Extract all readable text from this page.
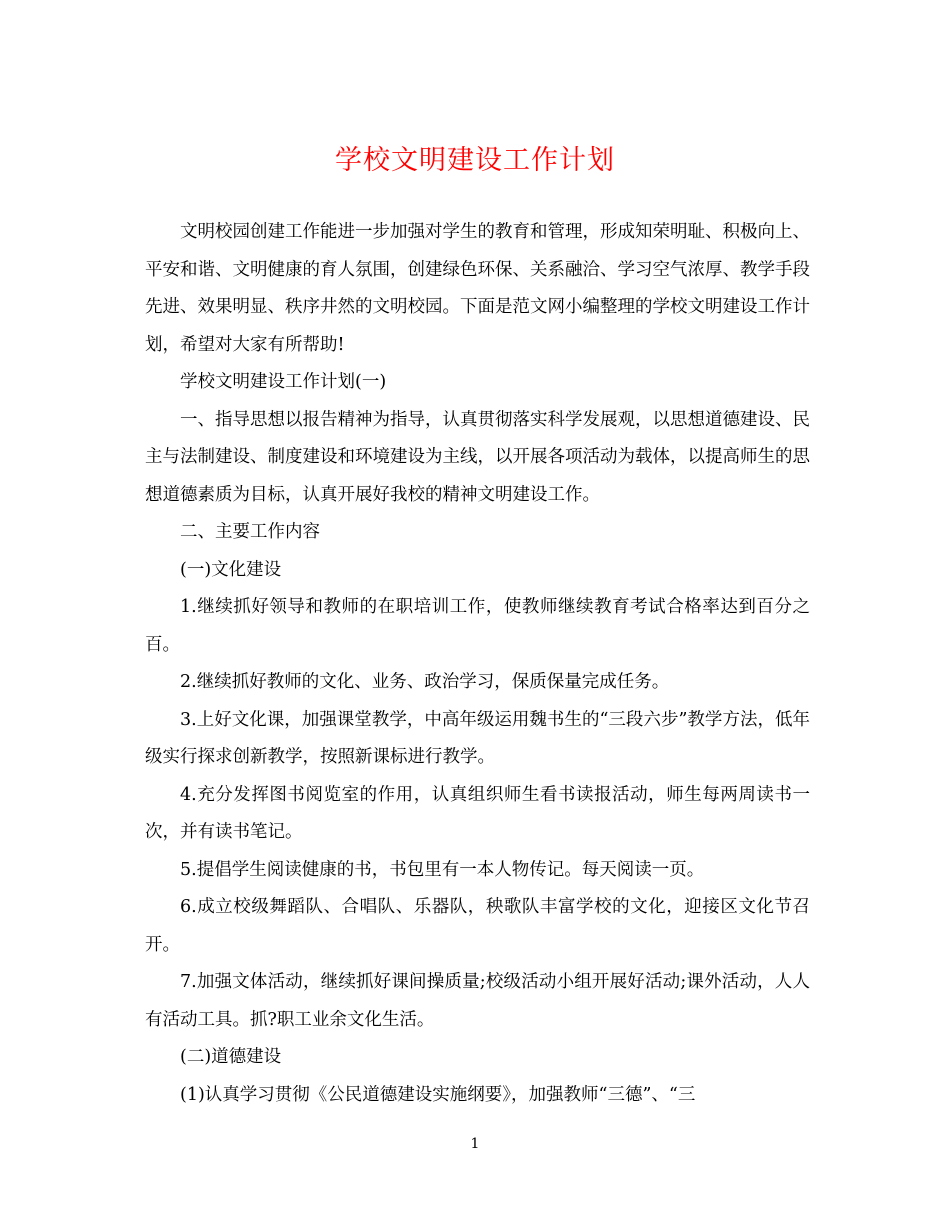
学校文明建设工作计划

文明校园创建工作能进一步加强对学生的教育和管理，形成知荣明耻、积极向上、平安和谐、文明健康的育人氛围，创建绿色环保、关系融洽、学习空气浓厚、教学手段先进、效果明显、秩序井然的文明校园。下面是范文网小编整理的学校文明建设工作计划，希望对大家有所帮助!

学校文明建设工作计划(一)

一、指导思想以报告精神为指导，认真贯彻落实科学发展观，以思想道德建设、民主与法制建设、制度建设和环境建设为主线，以开展各项活动为载体，以提高师生的思想道德素质为目标，认真开展好我校的精神文明建设工作。

二、主要工作内容

(一)文化建设

1.继续抓好领导和教师的在职培训工作，使教师继续教育考试合格率达到百分之百。

2.继续抓好教师的文化、业务、政治学习，保质保量完成任务。

3.上好文化课，加强课堂教学，中高年级运用魏书生的“三段六步”教学方法，低年级实行探求创新教学，按照新课标进行教学。

4.充分发挥图书阅览室的作用，认真组织师生看书读报活动，师生每两周读书一次，并有读书笔记。

5.提倡学生阅读健康的书，书包里有一本人物传记。每天阅读一页。

6.成立校级舞蹈队、合唱队、乐器队，秧歌队丰富学校的文化，迎接区文化节召开。

7.加强文体活动，继续抓好课间操质量;校级活动小组开展好活动;课外活动，人人有活动工具。抓?职工业余文化生活。

(二)道德建设

(1)认真学习贯彻《公民道德建设实施纲要》，加强教师“三德”、“三

1
